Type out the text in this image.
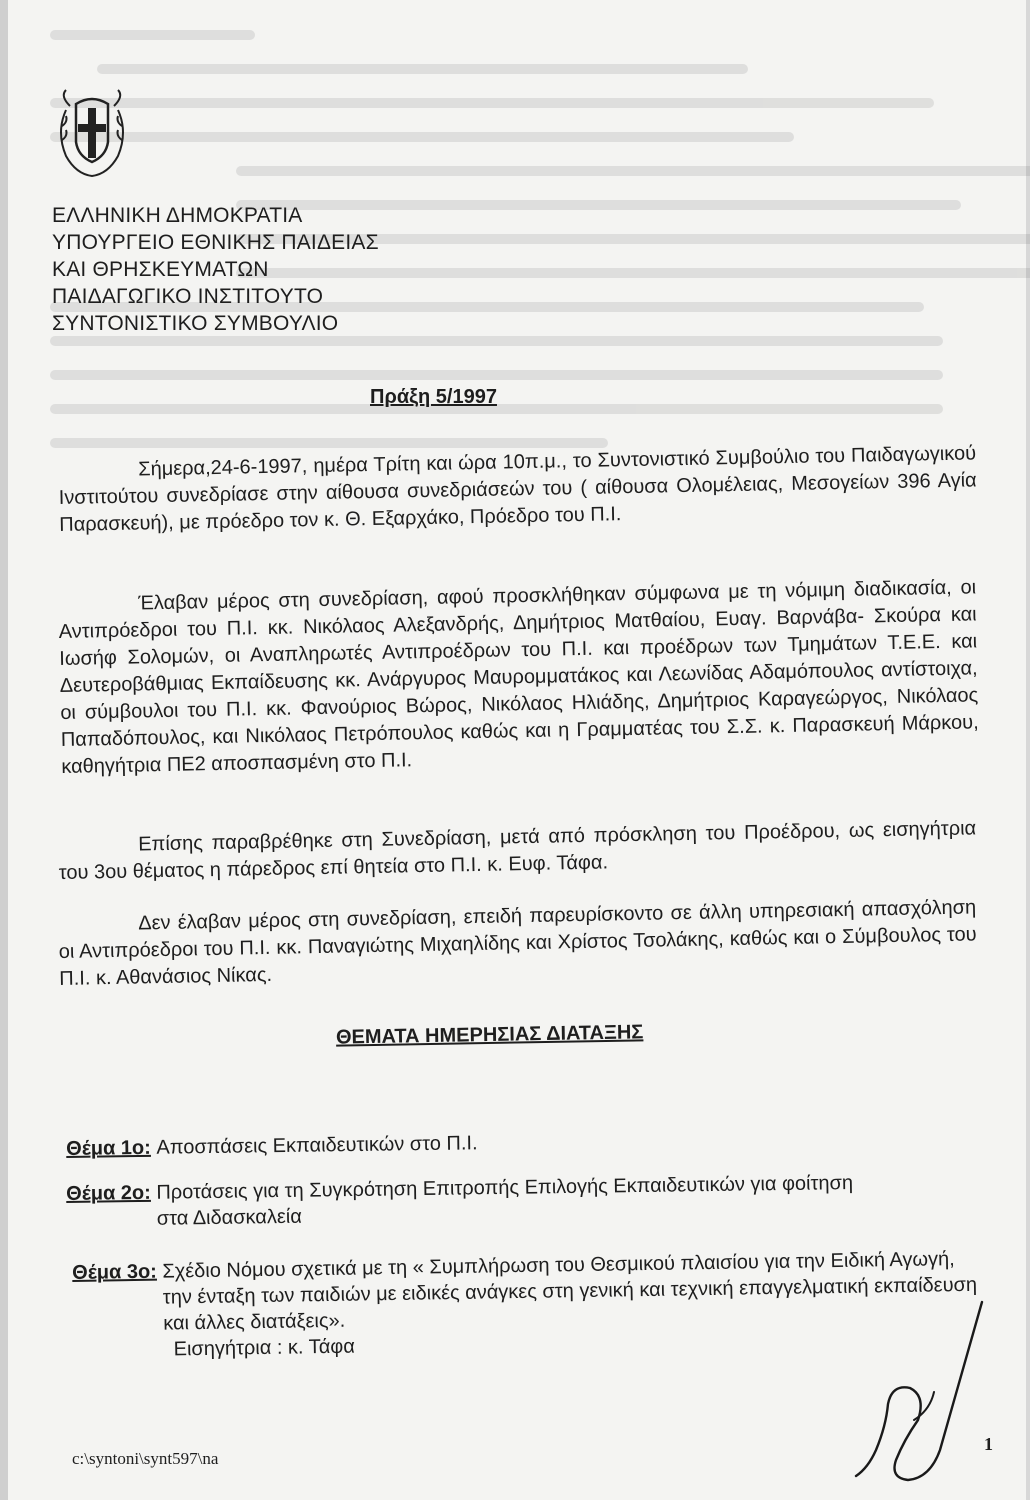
ΕΛΛΗΝΙΚΗ ΔΗΜΟΚΡΑΤΙΑ
ΥΠΟΥΡΓΕΙΟ ΕΘΝΙΚΗΣ ΠΑΙΔΕΙΑΣ
ΚΑΙ ΘΡΗΣΚΕΥΜΑΤΩΝ
ΠΑΙΔΑΓΩΓΙΚΟ ΙΝΣΤΙΤΟΥΤΟ
ΣΥΝΤΟΝΙΣΤΙΚΟ ΣΥΜΒΟΥΛΙΟ
Πράξη 5/1997

Σήμερα,24-6-1997, ημέρα Τρίτη και ώρα 10π.μ., το Συντονιστικό Συμβούλιο του Παιδαγωγικού Ινστιτούτου συνεδρίασε στην αίθουσα συνεδριάσεών του ( αίθουσα Ολομέλειας, Μεσογείων 396 Αγία Παρασκευή), με πρόεδρο τον κ. Θ. Εξαρχάκο, Πρόεδρο του Π.Ι.

Έλαβαν μέρος στη συνεδρίαση, αφού προσκλήθηκαν σύμφωνα με τη νόμιμη διαδικασία, οι Αντιπρόεδροι του Π.Ι. κκ. Νικόλαος Αλεξανδρής, Δημήτριος Ματθαίου, Ευαγ. Βαρνάβα- Σκούρα και Ιωσήφ Σολομών, οι Αναπληρωτές Αντιπροέδρων του Π.Ι. και προέδρων των Τμημάτων Τ.Ε.Ε. και Δευτεροβάθμιας Εκπαίδευσης κκ. Ανάργυρος Μαυρομματάκος και Λεωνίδας Αδαμόπουλος αντίστοιχα, οι σύμβουλοι του Π.Ι. κκ. Φανούριος Βώρος, Νικόλαος Ηλιάδης, Δημήτριος Καραγεώργος, Νικόλαος Παπαδόπουλος, και Νικόλαος Πετρόπουλος καθώς και η Γραμματέας του Σ.Σ. κ. Παρασκευή Μάρκου, καθηγήτρια ΠΕ2 αποσπασμένη στο Π.Ι.

Επίσης παραβρέθηκε στη Συνεδρίαση, μετά από πρόσκληση του Προέδρου, ως εισηγήτρια του 3ου θέματος η πάρεδρος επί θητεία στο Π.Ι. κ. Ευφ. Τάφα.

Δεν έλαβαν μέρος στη συνεδρίαση, επειδή παρευρίσκοντο σε άλλη υπηρεσιακή απασχόληση οι Αντιπρόεδροι του Π.Ι. κκ. Παναγιώτης Μιχαηλίδης και Χρίστος Τσολάκης, καθώς και ο Σύμβουλος του Π.Ι. κ. Αθανάσιος Νίκας.

ΘΕΜΑΤΑ ΗΜΕΡΗΣΙΑΣ ΔΙΑΤΑΞΗΣ
Θέμα 1ο: Αποσπάσεις Εκπαιδευτικών στο Π.Ι.
Θέμα 2ο: Προτάσεις για τη Συγκρότηση Επιτροπής Επιλογής Εκπαιδευτικών για φοίτηση στα Διδασκαλεία
Θέμα 3ο: Σχέδιο Νόμου σχετικά με τη « Συμπλήρωση του Θεσμικού πλαισίου για την Ειδική Αγωγή, την ένταξη των παιδιών με ειδικές ανάγκες στη γενική και τεχνική επαγγελματική εκπαίδευση και άλλες διατάξεις».
Εισηγήτρια : κ. Τάφα
c:\syntoni\synt597\na
1
